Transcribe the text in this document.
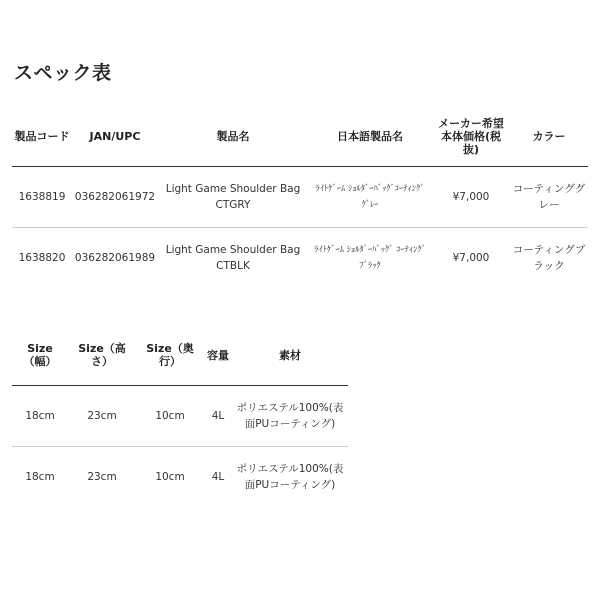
スペック表
製品コード	JAN/UPC	製品名	日本語製品名	メーカー希望本体価格(税抜)	カラー
1638819	036282061972	Light Game Shoulder Bag CTGRY	ﾗｲﾄｹﾞｰﾑ ｼｮﾙﾀﾞｰﾊﾞｯｸﾞｺｰﾃｨﾝｸﾞ ｸﾞﾚｰ	¥7,000	コーティンググレー
1638820	036282061989	Light Game Shoulder Bag CTBLK	ﾗｲﾄｹﾞｰﾑ ｼｮﾙﾀﾞｰﾊﾞｯｸﾞ ｺｰﾃｨﾝｸﾞﾌﾞﾗｯｸ	¥7,000	コーティングブラック
Size（幅）	Size（高さ）	Size（奥行）	容量	素材
18cm	23cm	10cm	4L	ポリエステル100%(表面PUコーティング)
18cm	23cm	10cm	4L	ポリエステル100%(表面PUコーティング)
